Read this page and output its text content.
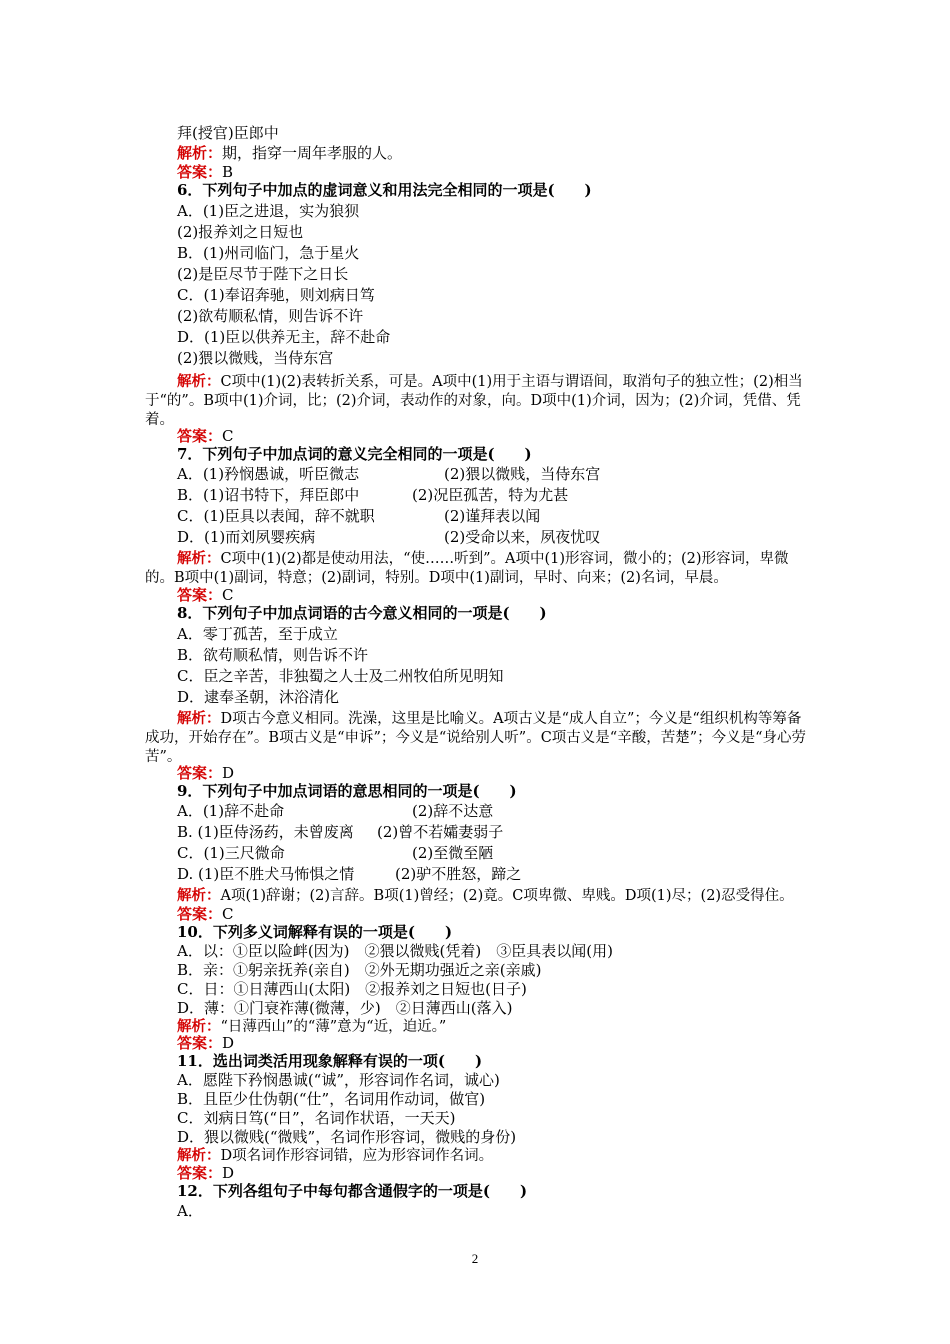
拜(授官)臣郎中
解析：期，指穿一周年孝服的人。
答案：B
6．下列句子中加点的虚词意义和用法完全相同的一项是(　　)
A．(1)臣之进退，实为狼狈
(2)报养刘之日短也
B．(1)州司临门，急于星火
(2)是臣尽节于陛下之日长
C．(1)奉诏奔驰，则刘病日笃
(2)欲苟顺私情，则告诉不许
D．(1)臣以供养无主，辞不赴命
(2)猥以微贱，当侍东宫
解析：C项中(1)(2)表转折关系，可是。A项中(1)用于主语与谓语间，取消句子的独立性；(2)相当于“的”。B项中(1)介词，比；(2)介词，表动作的对象，向。D项中(1)介词，因为；(2)介词，凭借、凭着。
答案：C
7．下列句子中加点词的意义完全相同的一项是(　　)
A．(1)矜悯愚诚，听臣微志	(2)猥以微贱，当侍东宫
B．(1)诏书特下，拜臣郎中	(2)况臣孤苦，特为尤甚
C．(1)臣具以表闻，辞不就职	(2)谨拜表以闻
D．(1)而刘夙婴疾病	(2)受命以来，夙夜忧叹
解析：C项中(1)(2)都是使动用法，“使……听到”。A项中(1)形容词，微小的；(2)形容词，卑微的。B项中(1)副词，特意；(2)副词，特别。D项中(1)副词，早时、向来；(2)名词，早晨。
答案：C
8．下列句子中加点词语的古今意义相同的一项是(　　)
A．零丁孤苦，至于成立
B．欲苟顺私情，则告诉不许
C．臣之辛苦，非独蜀之人士及二州牧伯所见明知
D．逮奉圣朝，沐浴清化
解析：D项古今意义相同。洗澡，这里是比喻义。A项古义是“成人自立”；今义是“组织机构等筹备成功，开始存在”。B项古义是“申诉”；今义是“说给别人听”。C项古义是“辛酸，苦楚”；今义是“身心劳苦”。
答案：D
9．下列句子中加点词语的意思相同的一项是(　　)
A．(1)辞不赴命	(2)辞不达意
B. (1)臣侍汤药，未曾废离 (2)曾不若孀妻弱子
C．(1)三尺微命	(2)至微至陋
D. (1)臣不胜犬马怖惧之情	(2)驴不胜怒，蹄之
解析：A项(1)辞谢；(2)言辞。B项(1)曾经；(2)竟。C项卑微、卑贱。D项(1)尽；(2)忍受得住。
答案：C
10．下列多义词解释有误的一项是(　　)
A．以：①臣以险衅(因为)　②猥以微贱(凭着)　③臣具表以闻(用)
B．亲：①躬亲抚养(亲自)　②外无期功强近之亲(亲戚)
C．日：①日薄西山(太阳)　②报养刘之日短也(日子)
D．薄：①门衰祚薄(微薄，少)　②日薄西山(落入)
解析：“日薄西山”的“薄”意为“近，迫近。”
答案：D
11．选出词类活用现象解释有误的一项(　　)
A．愿陛下矜悯愚诚(“诚”，形容词作名词，诚心)
B．且臣少仕伪朝(“仕”，名词用作动词，做官)
C．刘病日笃(“日”，名词作状语，一天天)
D．猥以微贱(“微贱”，名词作形容词，微贱的身份)
解析：D项名词作形容词错，应为形容词作名词。
答案：D
12．下列各组句子中每句都含通假字的一项是(　　)
A．
2
